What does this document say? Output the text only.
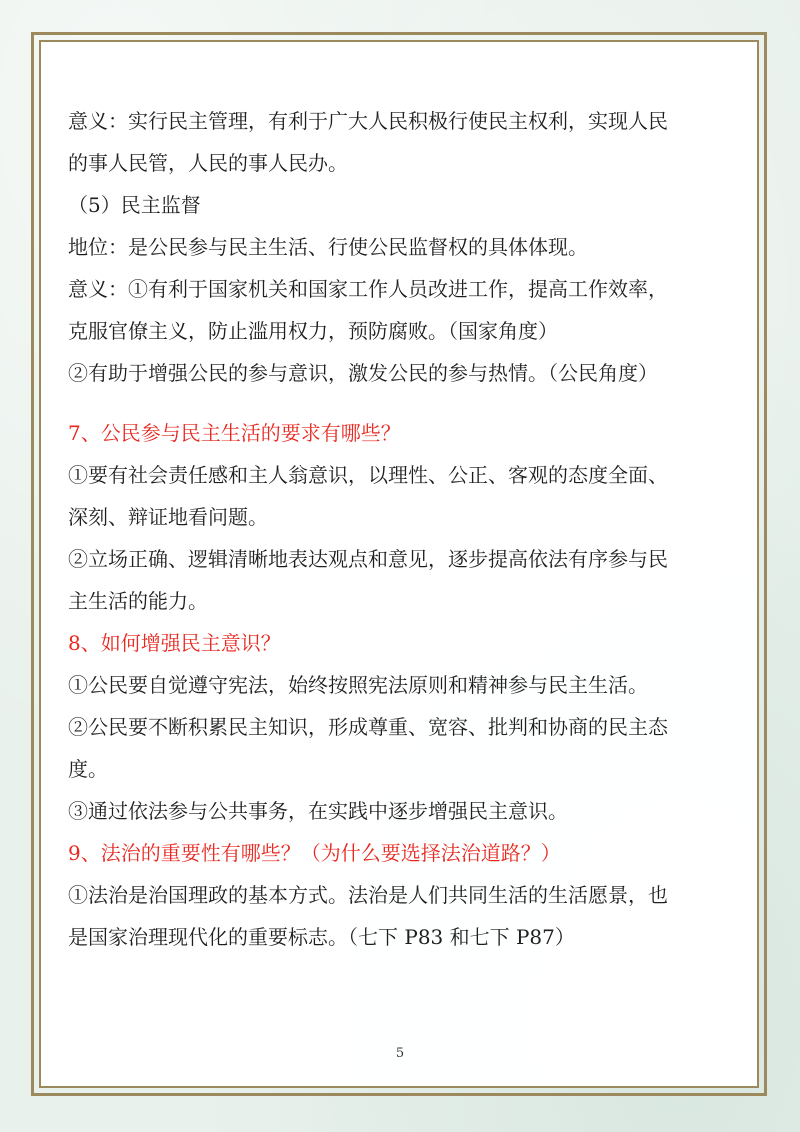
意义：实行民主管理，有利于广大人民积极行使民主权利，实现人民
的事人民管，人民的事人民办。
（5）民主监督
地位：是公民参与民主生活、行使公民监督权的具体体现。
意义：①有利于国家机关和国家工作人员改进工作，提高工作效率，
克服官僚主义，防止滥用权力，预防腐败。（国家角度）
②有助于增强公民的参与意识，激发公民的参与热情。（公民角度）
7、公民参与民主生活的要求有哪些？
①要有社会责任感和主人翁意识，以理性、公正、客观的态度全面、
深刻、辩证地看问题。
②立场正确、逻辑清晰地表达观点和意见，逐步提高依法有序参与民
主生活的能力。
8、如何增强民主意识？
①公民要自觉遵守宪法，始终按照宪法原则和精神参与民主生活。
②公民要不断积累民主知识，形成尊重、宽容、批判和协商的民主态
度。
③通过依法参与公共事务，在实践中逐步增强民主意识。
9、法治的重要性有哪些？（为什么要选择法治道路？）
①法治是治国理政的基本方式。法治是人们共同生活的生活愿景，也
是国家治理现代化的重要标志。（七下 P83 和七下 P87）
5
